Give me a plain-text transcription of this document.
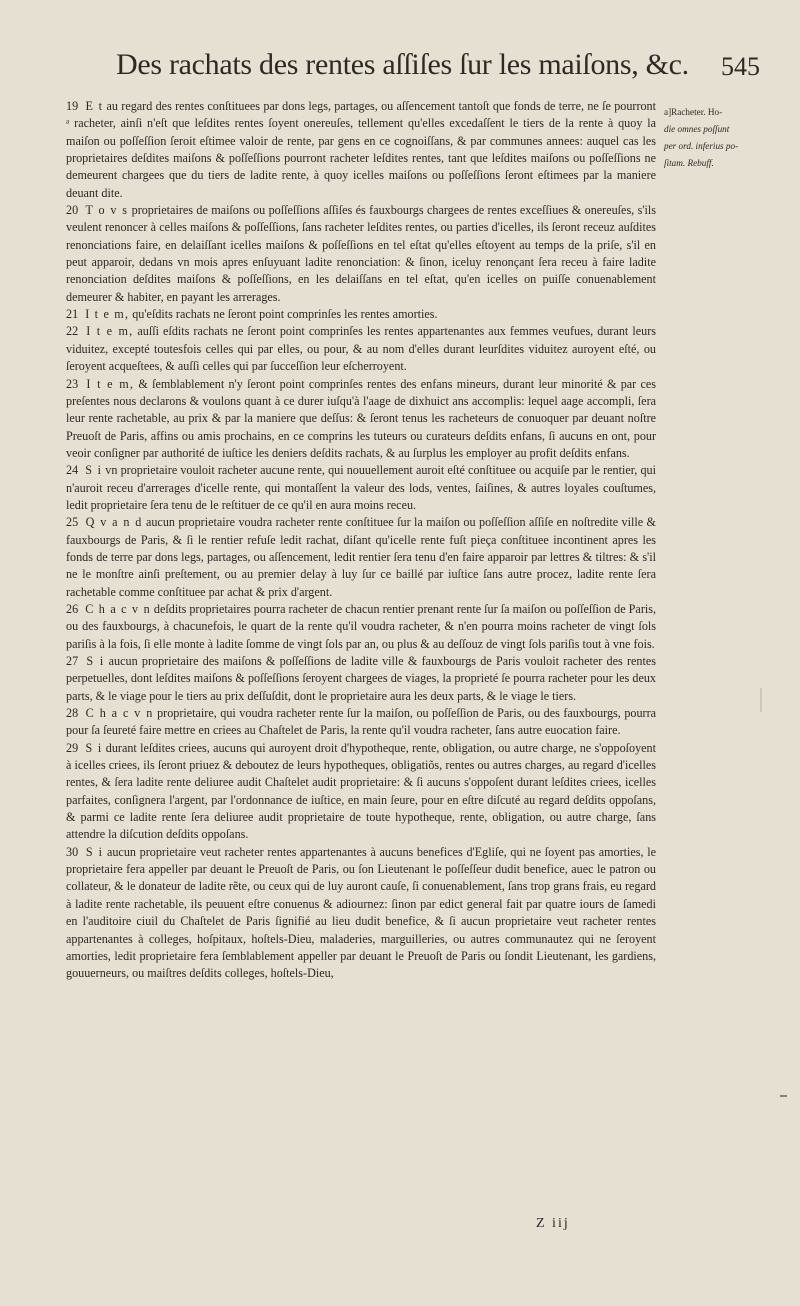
Des rachats des rentes aſſiſes ſur les maiſons, &c. 545

19 E t au regard des rentes conſtituees par dons legs, partages, ou aſſencement tantoſt que fonds de terre, ne ſe pourront ᵃ racheter, ainſi n'eſt que leſdites rentes ſoyent onereuſes, tellement qu'elles excedaſſent le tiers de la rente à quoy la maiſon ou poſſeſſion ſeroit eſtimee valoir de rente, par gens en ce cognoiſſans, & par communes annees: auquel cas les proprietaires deſdites maiſons & poſſeſſions pourront racheter leſdites rentes, tant que leſdites maiſons ou poſſeſſions ne demeurent chargees que du tiers de ladite rente, à quoy icelles maiſons ou poſſeſſions ſeront eſtimees par la maniere deuant dite.

20 T o v s proprietaires de maiſons ou poſſeſſions aſſiſes és fauxbourgs chargees de rentes exceſſiues & onereuſes, s'ils veulent renoncer à celles maiſons & poſſeſſions, ſans racheter leſdites rentes, ou parties d'icelles, ils ſeront receuz auſdites renonciations faire, en delaiſſant icelles maiſons & poſſeſſions en tel eſtat qu'elles eſtoyent au temps de la priſe, s'il en peut apparoir, dedans vn mois apres enſuyuant ladite renonciation: & ſinon, iceluy renonçant ſera receu à faire ladite renonciation deſdites maiſons & poſſeſſions, en les delaiſſans en tel eſtat, qu'en icelles on puiſſe conuenablement demeurer & habiter, en payant les arrerages.

21 I t e m, qu'eſdits rachats ne ſeront point comprinſes les rentes amorties.

22 I t e m, auſſi eſdits rachats ne ſeront point comprinſes les rentes appartenantes aux femmes veufues, durant leurs viduitez, excepté toutesfois celles qui par elles, ou pour, & au nom d'elles durant leurſdites viduitez auroyent eſté, ou ſeroyent acqueſtees, & auſſi celles qui par ſucceſſion leur eſcherroyent.

23 I t e m, & ſemblablement n'y ſeront point comprinſes rentes des enfans mineurs, durant leur minorité & par ces preſentes nous declarons & voulons quant à ce durer iuſqu'à l'aage de dixhuict ans accomplis: lequel aage accompli, ſera leur rente rachetable, au prix & par la maniere que deſſus: & ſeront tenus les racheteurs de conuoquer par deuant noſtre Preuoſt de Paris, affins ou amis prochains, en ce comprins les tuteurs ou curateurs deſdits enfans, ſi aucuns en ont, pour veoir conſigner par authorité de iuſtice les deniers deſdits rachats, & au ſurplus les employer au profit deſdits enfans.

24 S i vn proprietaire vouloit racheter aucune rente, qui nouuellement auroit eſté conſtituee ou acquiſe par le rentier, qui n'auroit receu d'arrerages d'icelle rente, qui montaſſent la valeur des lods, ventes, ſaiſines, & autres loyales couſtumes, ledit proprietaire ſera tenu de le reſtituer de ce qu'il en aura moins receu.

25 Q v a n d aucun proprietaire voudra racheter rente conſtituee ſur la maiſon ou poſſeſſion aſſiſe en noſtredite ville & fauxbourgs de Paris, & ſi le rentier refuſe ledit rachat, diſant qu'icelle rente fuſt pieça conſtituee incontinent apres les fonds de terre par dons legs, partages, ou aſſencement, ledit rentier ſera tenu d'en faire apparoir par lettres & tiltres: & s'il ne le monſtre ainſi preſtement, ou au premier delay à luy ſur ce baillé par iuſtice ſans autre procez, ladite rente ſera rachetable comme conſtituee par achat & prix d'argent.

26 C h a c v n deſdits proprietaires pourra racheter de chacun rentier prenant rente ſur ſa maiſon ou poſſeſſion de Paris, ou des fauxbourgs, à chacunefois, le quart de la rente qu'il voudra racheter, & n'en pourra moins racheter de vingt ſols pariſis à la fois, ſi elle monte à ladite ſomme de vingt ſols par an, ou plus & au deſſouz de vingt ſols pariſis tout à vne fois.

27 S i aucun proprietaire des maiſons & poſſeſſions de ladite ville & fauxbourgs de Paris vouloit racheter des rentes perpetuelles, dont leſdites maiſons & poſſeſſions ſeroyent chargees de viages, la proprieté ſe pourra racheter pour les deux parts, & le viage pour le tiers au prix deſſuſdit, dont le proprietaire aura les deux parts, & le viage le tiers.

28 C h a c v n proprietaire, qui voudra racheter rente ſur la maiſon, ou poſſeſſion de Paris, ou des fauxbourgs, pourra pour ſa ſeureté faire mettre en criees au Chaſtelet de Paris, la rente qu'il voudra racheter, ſans autre euocation faire.

29 S i durant leſdites criees, aucuns qui auroyent droit d'hypotheque, rente, obligation, ou autre charge, ne s'oppoſoyent à icelles criees, ils ſeront priuez & deboutez de leurs hypotheques, obligatiõs, rentes ou autres charges, au regard d'icelles rentes, & ſera ladite rente deliuree audit Chaſtelet audit proprietaire: & ſi aucuns s'oppoſent durant leſdites criees, icelles parfaites, conſignera l'argent, par l'ordonnance de iuſtice, en main ſeure, pour en eſtre diſcuté au regard deſdits oppoſans, & parmi ce ladite rente ſera deliuree audit proprietaire de toute hypotheque, rente, obligation, ou autre charge, ſans attendre la diſcution deſdits oppoſans.

30 S i aucun proprietaire veut racheter rentes appartenantes à aucuns benefices d'Egliſe, qui ne ſoyent pas amorties, le proprietaire fera appeller par deuant le Preuoſt de Paris, ou ſon Lieutenant le poſſeſſeur dudit benefice, auec le patron ou collateur, & le donateur de ladite rẽte, ou ceux qui de luy auront cauſe, ſi conuenablement, ſans trop grans frais, eu regard à ladite rente rachetable, ils peuuent eſtre conuenus & adiournez: ſinon par edict general fait par quatre iours de ſamedi en l'auditoire ciuil du Chaſtelet de Paris ſignifié au lieu dudit benefice, & ſi aucun proprietaire veut racheter rentes appartenantes à colleges, hoſpitaux, hoſtels-Dieu, maladeries, marguilleries, ou autres communautez qui ne ſeroyent amorties, ledit proprietaire fera ſemblablement appeller par deuant le Preuoſt de Paris ou ſondit Lieutenant, les gardiens, gouuerneurs, ou maiſtres deſdits colleges, hoſtels-Dieu,

a]Racheter. Ho-
die omnes poſſunt
per ord. inferius po-
ſitam. Rebuff.
Z iij
